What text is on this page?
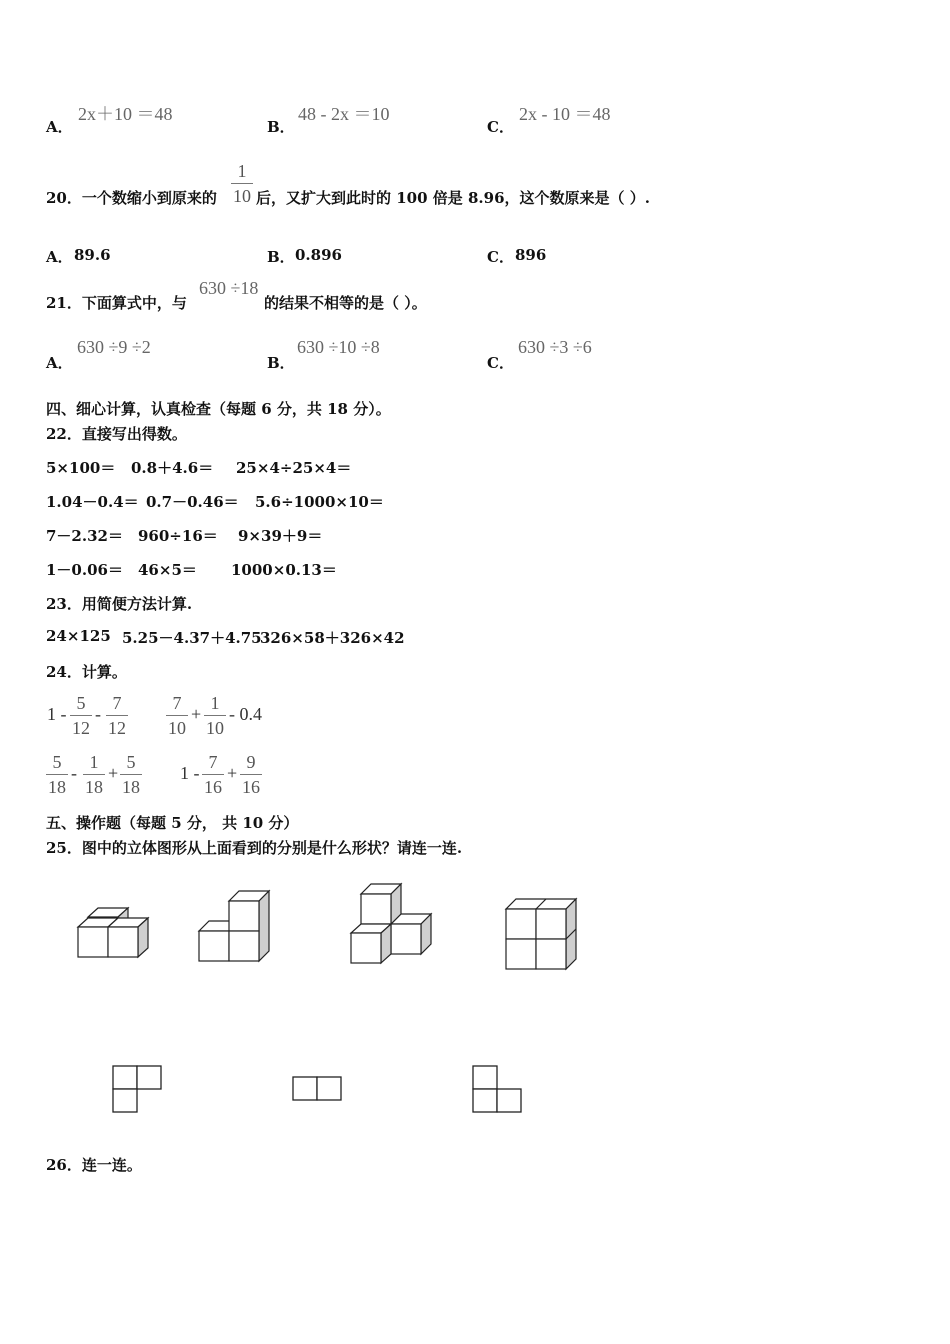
A．
2x＋10 ＝48
B．
48 - 2x ＝10
C．
2x - 10 ＝48
20．一个数缩小到原来的
1
10 后，又扩大到此时的 100 倍是 8.96，这个数原来是（ ）.
A． 89.6	B． 0.896	C． 896
21．下面算式中，与
630 ÷18
的结果不相等的是（ ）。
A．
630 ÷9 ÷2
B．
630 ÷10 ÷8
C．
630 ÷3 ÷6
四、细心计算，认真检查（每题 6 分，共 18 分）。
22．直接写出得数。
5×100＝ 0.8＋4.6＝ 25×4÷25×4＝
1.04－0.4＝ 0.7－0.46＝ 5.6÷1000×10＝
7－2.32＝ 960÷16＝ 9×39＋9＝
1－0.06＝ 46×5＝ 1000×0.13＝
23．用简便方法计算.
24×125 5.25－4.37＋4.75
326×58＋326×42
24．计算。
1 -
5
12
-
7
12
7
10
+
1
10
- 0.4
5
18
-
1
18
+
5
18
1 -
7
16
+
9
16
五、操作题（每题 5 分， 共 10 分）
25．图中的立体图形从上面看到的分别是什么形状？请连一连.
26．连一连。
